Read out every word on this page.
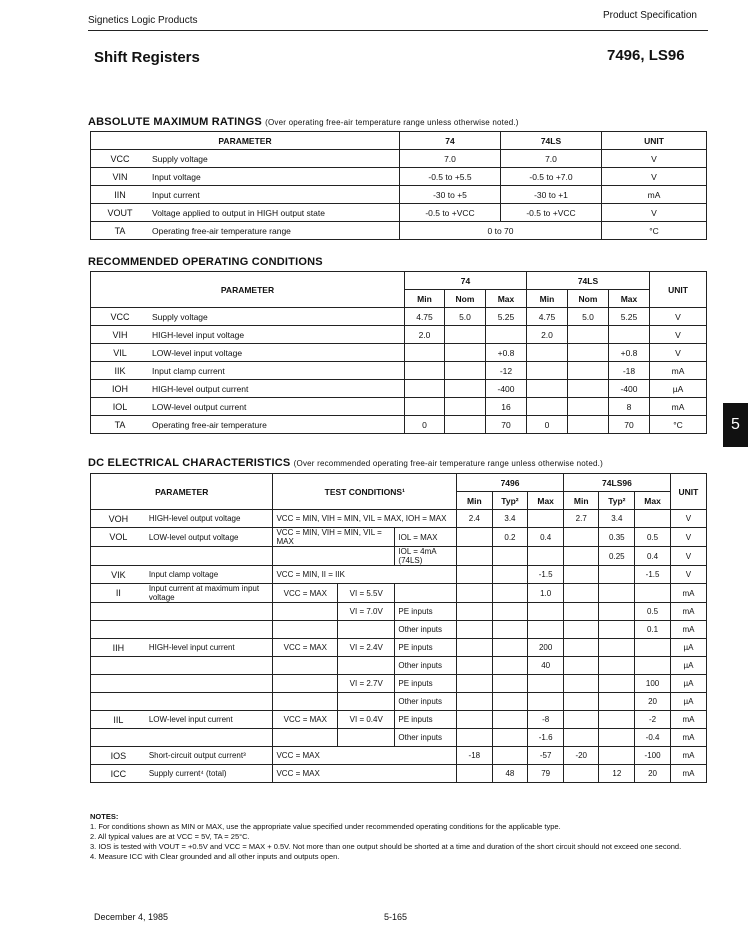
Signetics Logic Products	Product Specification
Shift Registers	7496, LS96
ABSOLUTE MAXIMUM RATINGS (Over operating free-air temperature range unless otherwise noted.)
PARAMETER		74	74LS	UNIT
VCC	Supply voltage	7.0	7.0	V
VIN	Input voltage	-0.5 to +5.5	-0.5 to +7.0	V
IIN	Input current	-30 to +5	-30 to +1	mA
VOUT	Voltage applied to output in HIGH output state	-0.5 to +VCC	-0.5 to +VCC	V
TA	Operating free-air temperature range	0 to 70		°C
RECOMMENDED OPERATING CONDITIONS
PARAMETER		74			74LS			UNIT
		Min	Nom	Max	Min	Nom	Max	
VCC	Supply voltage	4.75	5.0	5.25	4.75	5.0	5.25	V
VIH	HIGH-level input voltage	2.0			2.0			V
VIL	LOW-level input voltage			+0.8			+0.8	V
IIK	Input clamp current			-12			-18	mA
IOH	HIGH-level output current			-400			-400	µA
IOL	LOW-level output current			16			8	mA
TA	Operating free-air temperature	0		70	0		70	°C
DC ELECTRICAL CHARACTERISTICS (Over recommended operating free-air temperature range unless otherwise noted.)
PARAMETER		TEST CONDITIONS¹			7496			74LS96			UNIT
					Min	Typ²	Max	Min	Typ²	Max	
VOH	HIGH-level output voltage	VCC = MIN, VIH = MIN, VIL = MAX, IOH = MAX			2.4	3.4		2.7	3.4		V
VOL	LOW-level output voltage	VCC = MIN, VIH = MIN, VIL = MAX		IOL = MAX		0.2	0.4		0.35	0.5	V
				IOL = 4mA (74LS)					0.25	0.4	V
VIK	Input clamp voltage	VCC = MIN, II = IIK					-1.5			-1.5	V
II	Input current at maximum input voltage	VCC = MAX	VI = 5.5V				1.0				mA
			VI = 7.0V	PE inputs						0.5	mA
				Other inputs						0.1	mA
IIH	HIGH-level input current	VCC = MAX	VI = 2.4V	PE inputs			200				µA
				Other inputs			40				µA
			VI = 2.7V	PE inputs						100	µA
				Other inputs						20	µA
IIL	LOW-level input current	VCC = MAX	VI = 0.4V	PE inputs			-8			-2	mA
				Other inputs			-1.6			-0.4	mA
IOS	Short-circuit output current³	VCC = MAX			-18		-57	-20		-100	mA
ICC	Supply current⁴ (total)	VCC = MAX				48	79		12	20	mA
NOTES:
1. For conditions shown as MIN or MAX, use the appropriate value specified under recommended operating conditions for the applicable type.
2. All typical values are at VCC = 5V, TA = 25°C.
3. IOS is tested with VOUT = +0.5V and VCC = MAX + 0.5V. Not more than one output should be shorted at a time and duration of the short circuit should not exceed one second.
4. Measure ICC with Clear grounded and all other inputs and outputs open.
5
December 4, 1985	5-165
